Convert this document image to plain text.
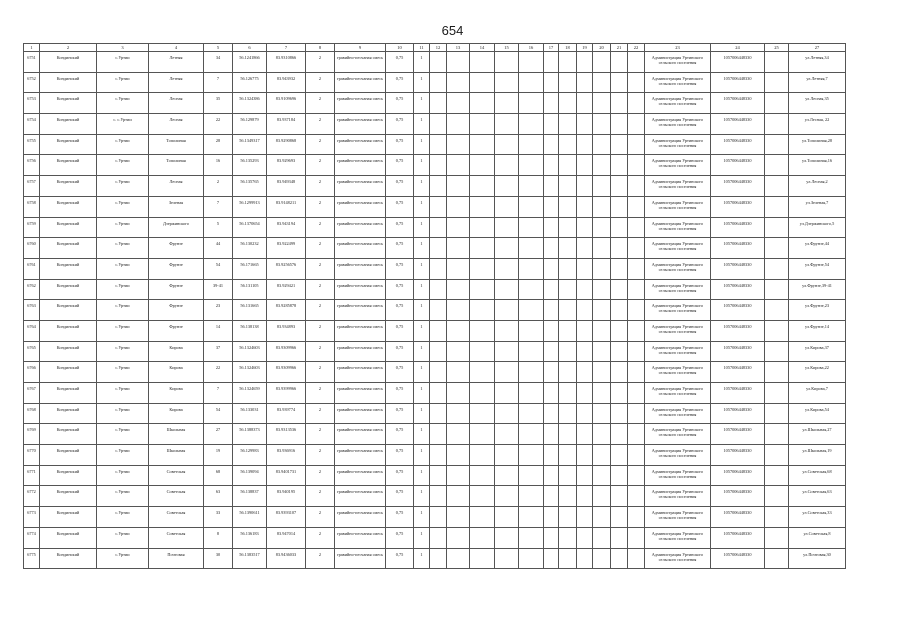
654
1	2	3	4	5	6	7	8	9	10	11	12	13	14	15	16	17	18	19	20	21	22	23	24	25	27
6751	Кондинский	с.Уртии	Летняя	34	56.1241866	83.9310866	2	гравийно-песчаная смесь	0,75	1												Администрация Уртинского сельского поселения	1057006448330		ул.Летняя,34
6752	Кондинский	с.Уртии	Летняя	7	56.126775	83.943932	2	гравийно-песчаная смесь	0,75	1												Администрация Уртинского сельского поселения	1057006448330		ул.Летняя,7
6753	Кондинский	с.Уртии	Лесная	35	56.1324386	83.9109696	2	гравийно-песчаная смесь	0,75	1												Администрация Уртинского сельского поселения	1057006448330		ул.Лесная,35
6754	Кондинский	с. с.Уртии	Лесная	22	56.129879	83.937184	2	гравийно-песчаная смесь	0,75	1												Администрация Уртинского сельского поселения	1057006448330		ул.Лесная, 22
6755	Кондинский	с.Уртии	Тополиная	28	56.1349317	83.9290868	2	гравийно-песчаная смесь	0,75	1												Администрация Уртинского сельского поселения	1057006448330		ул.Тополиная,28
6756	Кондинский	с.Уртии	Тополиная	16	56.135293	83.929693	2	гравийно-песчаная смесь	0,75	1												Администрация Уртинского сельского поселения	1057006448330		ул.Тополиная,16
6757	Кондинский	с.Уртии	Лесная	2	56.135765	83.949348	2	гравийно-песчаная смесь	0,75	1												Администрация Уртинского сельского поселения	1057006448330		ул.Лесная,2
6758	Кондинский	с.Уртии	Зеленая	7	56.1299913	83.9148211	2	гравийно-песчаная смесь	0,75	1												Администрация Уртинского сельского поселения	1057006448330		ул.Зеленая,7
6759	Кондинский	с.Уртии	Дзержинского	5	56.1370654	83.943194	2	гравийно-песчаная смесь	0,75	1												Администрация Уртинского сельского поселения	1057006448330		ул.Дзержинского,5
6760	Кондинский	с.Уртии	Фрунзе	44	56.130232	83.922499	2	гравийно-песчаная смесь	0,75	1												Администрация Уртинского сельского поселения	1057006448330		ул.Фрунзе,44
6761	Кондинский	с.Уртии	Фрунзе	54	56.171665	83.9256576	2	гравийно-песчаная смесь	0,75	1												Администрация Уртинского сельского поселения	1057006448330		ул.Фрунзе,54
6762	Кондинский	с.Уртии	Фрунзе	39-41	56.131105	83.929421	2	гравийно-песчаная смесь	0,75	1												Администрация Уртинского сельского поселения	1057006448330		ул.Фрунзе,39-41
6763	Кондинский	с.Уртии	Фрунзе	23	56.131665	83.9285878	2	гравийно-песчаная смесь	0,75	1												Администрация Уртинского сельского поселения	1057006448330		ул.Фрунзе,23
6764	Кондинский	с.Уртии	Фрунзе	14	56.138138	83.934893	2	гравийно-песчаная смесь	0,75	1												Администрация Уртинского сельского поселения	1057006448330		ул.Фрунзе,14
6765	Кондинский	с.Уртии	Кирова	37	56.1324603	83.9309966	2	гравийно-песчаная смесь	0,75	1												Администрация Уртинского сельского поселения	1057006448330		ул.Кирова,37
6766	Кондинский	с.Уртии	Кирова	22	56.1324603	83.9309966	2	гравийно-песчаная смесь	0,75	1												Администрация Уртинского сельского поселения	1057006448330		ул.Кирова,22
6767	Кондинский	с.Уртии	Кирова	7	56.1324659	83.9399966	2	гравийно-песчаная смесь	0,75	1												Администрация Уртинского сельского поселения	1057006448330		ул.Кирова,7
6768	Кондинский	с.Уртии	Кирова	54	56.133031	83.939774	2	гравийно-песчаная смесь	0,75	1												Администрация Уртинского сельского поселения	1057006448330		ул.Кирова,54
6769	Кондинский	с.Уртии	Школьная	27	56.1388373	83.9313536	2	гравийно-песчаная смесь	0,75	1												Администрация Уртинского сельского поселения	1057006448330		ул.Школьная,27
6770	Кондинский	с.Уртии	Школьная	19	56.129983	83.936916	2	гравийно-песчаная смесь	0,75	1												Администрация Уртинского сельского поселения	1057006448330		ул.Школьная,19
6771	Кондинский	с.Уртии	Советская	68	56.139094	83.9401731	2	гравийно-песчаная смесь	0,75	1												Администрация Уртинского сельского поселения	1057006448330		ул.Советская,68
6772	Кондинский	с.Уртии	Советская	63	56.138837	83.940195	2	гравийно-песчаная смесь	0,75	1												Администрация Уртинского сельского поселения	1057006448330		ул.Советская,63
6773	Кондинский	с.Уртии	Советская	33	56.1390611	83.9393107	2	гравийно-песчаная смесь	0,75	1												Администрация Уртинского сельского поселения	1057006448330		ул.Советская,33
6774	Кондинский	с.Уртии	Советская	8	56.136183	83.947014	2	гравийно-песчаная смесь	0,75	1												Администрация Уртинского сельского поселения	1057006448330		ул.Советская,8
6775	Кондинский	с.Уртии	Почтовая	30	56.1383517	83.9436033	2	гравийно-песчаная смесь	0,75	1												Администрация Уртинского сельского поселения	1057006448330		ул.Почтовая,30
